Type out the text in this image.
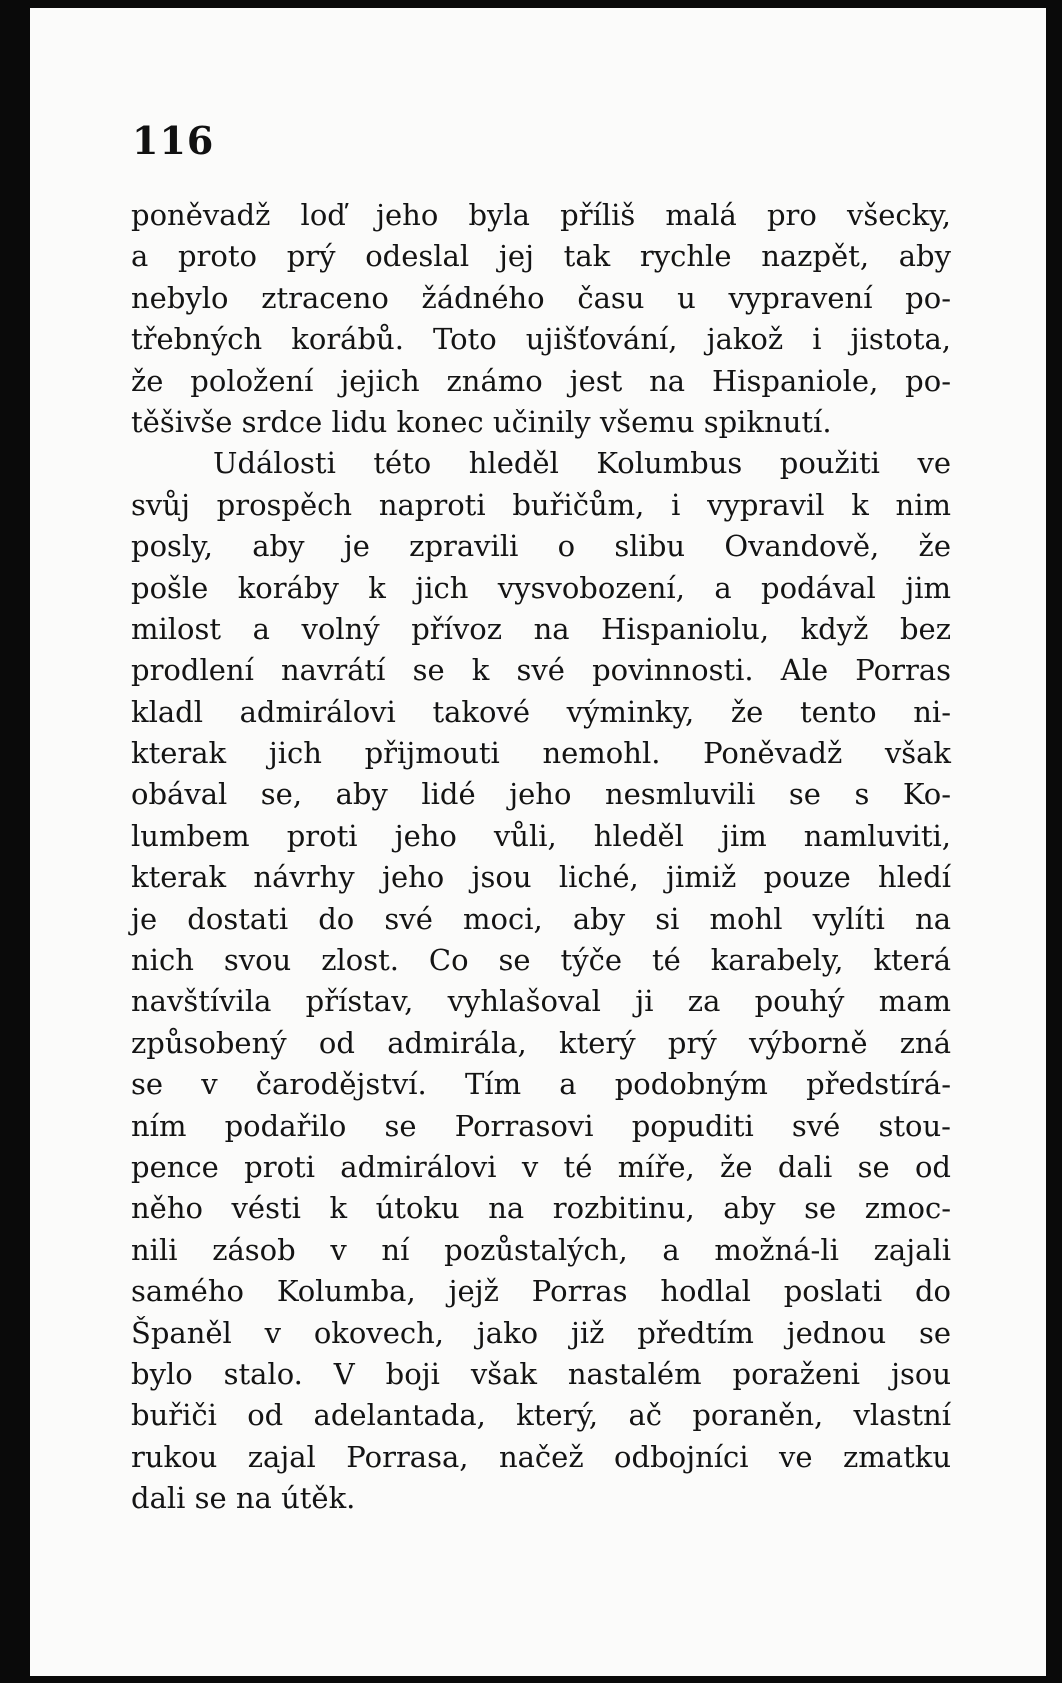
116

poněvadž loď jeho byla příliš malá pro všecky,
a proto prý odeslal jej tak rychle nazpět, aby
nebylo ztraceno žádného času u vypravení po-
třebných korábů. Toto ujišťování, jakož i jistota,
že položení jejich známo jest na Hispaniole, po-
těšivše srdce lidu konec učinily všemu spiknutí.
Události této hleděl Kolumbus použiti ve
svůj prospěch naproti buřičům, i vypravil k nim
posly, aby je zpravili o slibu Ovandově, že
pošle koráby k jich vysvobození, a podával jim
milost a volný přívoz na Hispaniolu, když bez
prodlení navrátí se k své povinnosti. Ale Porras
kladl admirálovi takové výminky, že tento ni-
kterak jich přijmouti nemohl. Poněvadž však
obával se, aby lidé jeho nesmluvili se s Ko-
lumbem proti jeho vůli, hleděl jim namluviti,
kterak návrhy jeho jsou liché, jimiž pouze hledí
je dostati do své moci, aby si mohl vylíti na
nich svou zlost. Co se týče té karabely, která
navštívila přístav, vyhlašoval ji za pouhý mam
způsobený od admirála, který prý výborně zná
se v čarodějství. Tím a podobným předstírá-
ním podařilo se Porrasovi popuditi své stou-
pence proti admirálovi v té míře, že dali se od
něho vésti k útoku na rozbitinu, aby se zmoc-
nili zásob v ní pozůstalých, a možná-li zajali
samého Kolumba, jejž Porras hodlal poslati do
Španěl v okovech, jako již předtím jednou se
bylo stalo. V boji však nastalém poraženi jsou
buřiči od adelantada, který, ač poraněn, vlastní
rukou zajal Porrasa, načež odbojníci ve zmatku
dali se na útěk.
